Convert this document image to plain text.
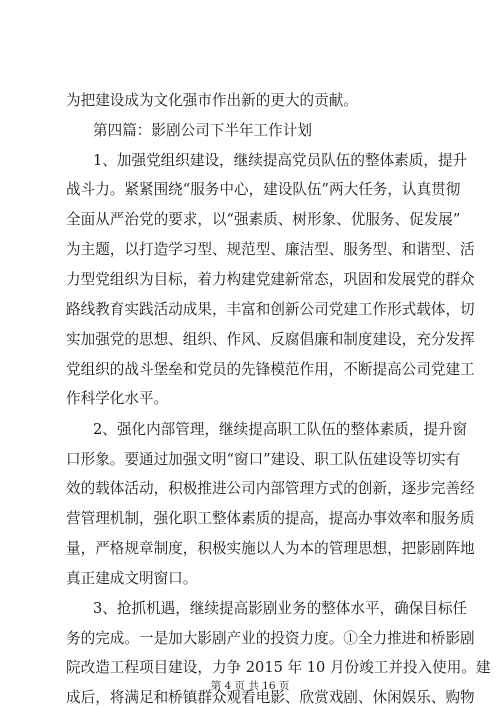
为把建设成为文化强市作出新的更大的贡献。
第四篇：影剧公司下半年工作计划
1、加强党组织建设，继续提高党员队伍的整体素质，提升
战斗力。紧紧围绕“服务中心，建设队伍”两大任务，认真贯彻
全面从严治党的要求，以“强素质、树形象、优服务、促发展”
为主题，以打造学习型、规范型、廉洁型、服务型、和谐型、活
力型党组织为目标，着力构建党建新常态，巩固和发展党的群众
路线教育实践活动成果，丰富和创新公司党建工作形式载体，切
实加强党的思想、组织、作风、反腐倡廉和制度建设，充分发挥
党组织的战斗堡垒和党员的先锋模范作用，不断提高公司党建工
作科学化水平。
2、强化内部管理，继续提高职工队伍的整体素质，提升窗
口形象。要通过加强文明“窗口”建设、职工队伍建设等切实有
效的载体活动，积极推进公司内部管理方式的创新，逐步完善经
营管理机制，强化职工整体素质的提高，提高办事效率和服务质
量，严格规章制度，积极实施以人为本的管理思想，把影剧阵地
真正建成文明窗口。
3、抢抓机遇，继续提高影剧业务的整体水平，确保目标任
务的完成。一是加大影剧产业的投资力度。①全力推进和桥影剧
院改造工程项目建设，力争 2015 年 10 月份竣工并投入使用。建
成后，将满足和桥镇群众观看电影、欣赏戏剧、休闲娱乐、购物
第 4 页 共 16 页
